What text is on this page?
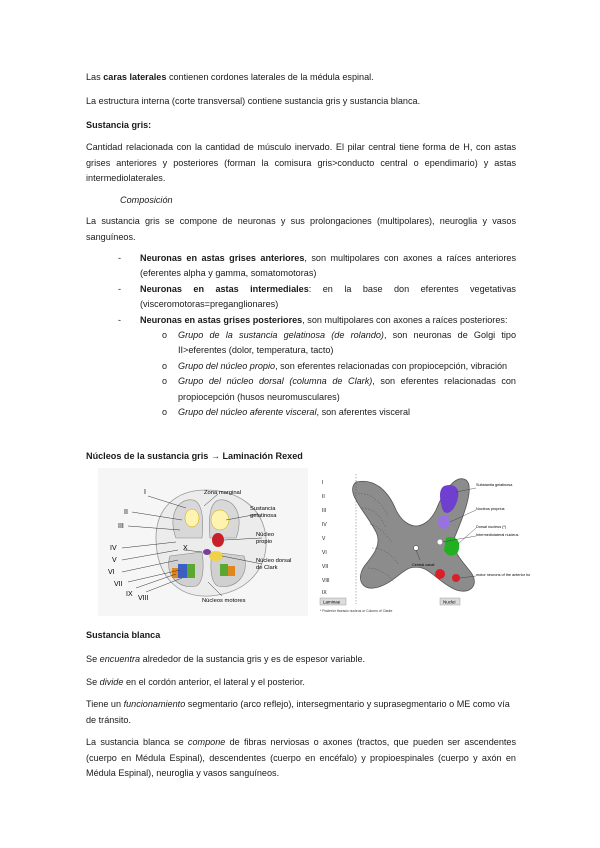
Las caras laterales contienen cordones laterales de la médula espinal.

La estructura interna (corte transversal) contiene sustancia gris y sustancia blanca.

Sustancia gris:

Cantidad relacionada con la cantidad de músculo inervado. El pilar central tiene forma de H, con astas grises anteriores y posteriores (forman la comisura gris>conducto central o ependimario) y astas intermediolaterales.

Composición

La sustancia gris se compone de neuronas y sus prolongaciones (multipolares), neuroglia y vasos sanguíneos.

- Neuronas en astas grises anteriores, son multipolares con axones a raíces anteriores (eferentes alpha y gamma, somatomotoras)
- Neuronas en astas intermediales: en la base don eferentes vegetativas (visceromotoras=preganglionares)
- Neuronas en astas grises posteriores, son multipolares con axones a raíces posteriores:
o Grupo de la sustancia gelatinosa (de rolando), son neuronas de Golgi tipo II>eferentes (dolor, temperatura, tacto)
o Grupo del núcleo propio, son eferentes relacionadas con propiocepción, vibración
o Grupo del núcleo dorsal (columna de Clark), son eferentes relacionadas con propiocepción (husos neuromusculares)
o Grupo del núcleo aferente visceral, son aferentes visceral

Núcleos de la sustancia gris → Laminación Rexed

I
II
III
IV
V
VI
VII
VIII
IX
X
Zona marginal
Sustancia
gelatinosa
Núcleo
propio
Núcleo dorsal
de Clark
Núcleos motores
I
II
III
IV
V
VI
VII
VIII
IX
Substantia gelatinosa
Nucleus proprius
Dorsal nucleus (*)
Intermediolateral nucleus
Central canal
motor neurons of the anterior ho
Laminae	Nuclei
* Posterior thoracic nucleus or Column of Clarke

Sustancia blanca

Se encuentra alrededor de la sustancia gris y es de espesor variable.

Se divide en el cordón anterior, el lateral y el posterior.

Tiene un funcionamiento segmentario (arco reflejo), intersegmentario y suprasegmentario o ME como vía de tránsito.

La sustancia blanca se compone de fibras nerviosas o axones (tractos, que pueden ser ascendentes (cuerpo en Médula Espinal), descendentes (cuerpo en encéfalo) y propioespinales (cuerpo y axón en Médula Espinal), neuroglia y vasos sanguíneos.
